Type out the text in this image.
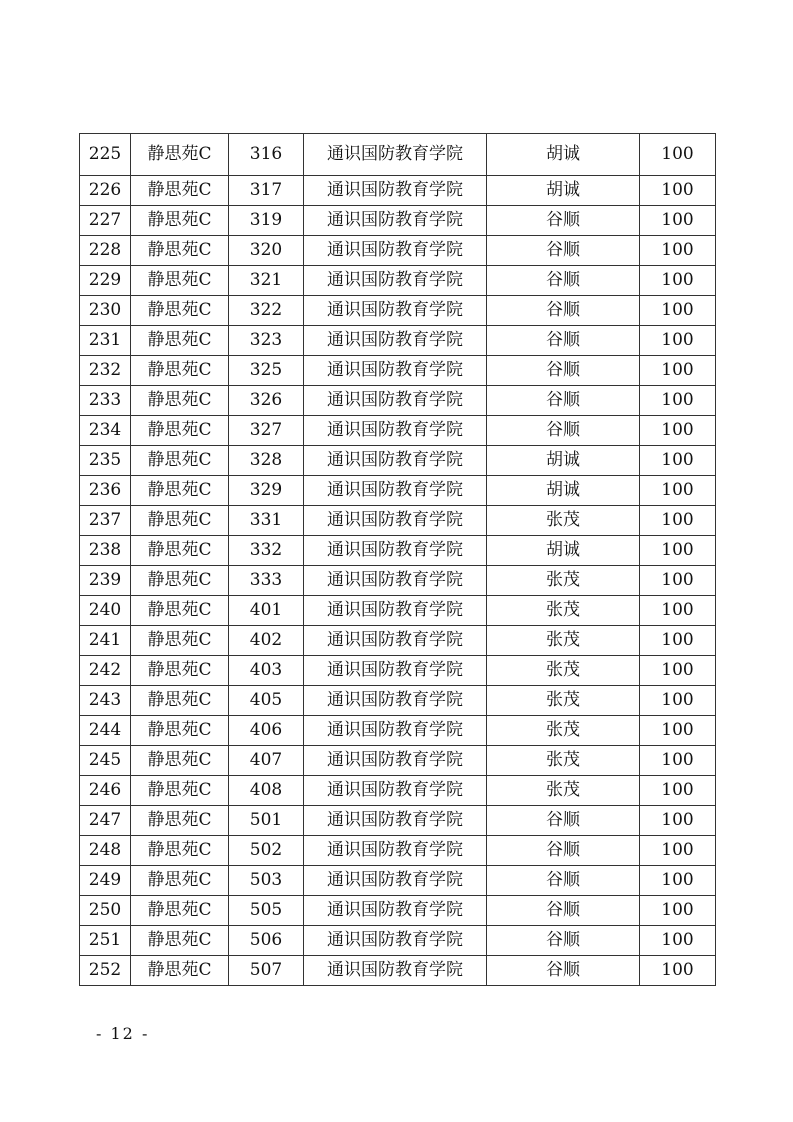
225	静思苑C	316	通识国防教育学院	胡诚	100
226	静思苑C	317	通识国防教育学院	胡诚	100
227	静思苑C	319	通识国防教育学院	谷顺	100
228	静思苑C	320	通识国防教育学院	谷顺	100
229	静思苑C	321	通识国防教育学院	谷顺	100
230	静思苑C	322	通识国防教育学院	谷顺	100
231	静思苑C	323	通识国防教育学院	谷顺	100
232	静思苑C	325	通识国防教育学院	谷顺	100
233	静思苑C	326	通识国防教育学院	谷顺	100
234	静思苑C	327	通识国防教育学院	谷顺	100
235	静思苑C	328	通识国防教育学院	胡诚	100
236	静思苑C	329	通识国防教育学院	胡诚	100
237	静思苑C	331	通识国防教育学院	张茂	100
238	静思苑C	332	通识国防教育学院	胡诚	100
239	静思苑C	333	通识国防教育学院	张茂	100
240	静思苑C	401	通识国防教育学院	张茂	100
241	静思苑C	402	通识国防教育学院	张茂	100
242	静思苑C	403	通识国防教育学院	张茂	100
243	静思苑C	405	通识国防教育学院	张茂	100
244	静思苑C	406	通识国防教育学院	张茂	100
245	静思苑C	407	通识国防教育学院	张茂	100
246	静思苑C	408	通识国防教育学院	张茂	100
247	静思苑C	501	通识国防教育学院	谷顺	100
248	静思苑C	502	通识国防教育学院	谷顺	100
249	静思苑C	503	通识国防教育学院	谷顺	100
250	静思苑C	505	通识国防教育学院	谷顺	100
251	静思苑C	506	通识国防教育学院	谷顺	100
252	静思苑C	507	通识国防教育学院	谷顺	100
- 12 -
